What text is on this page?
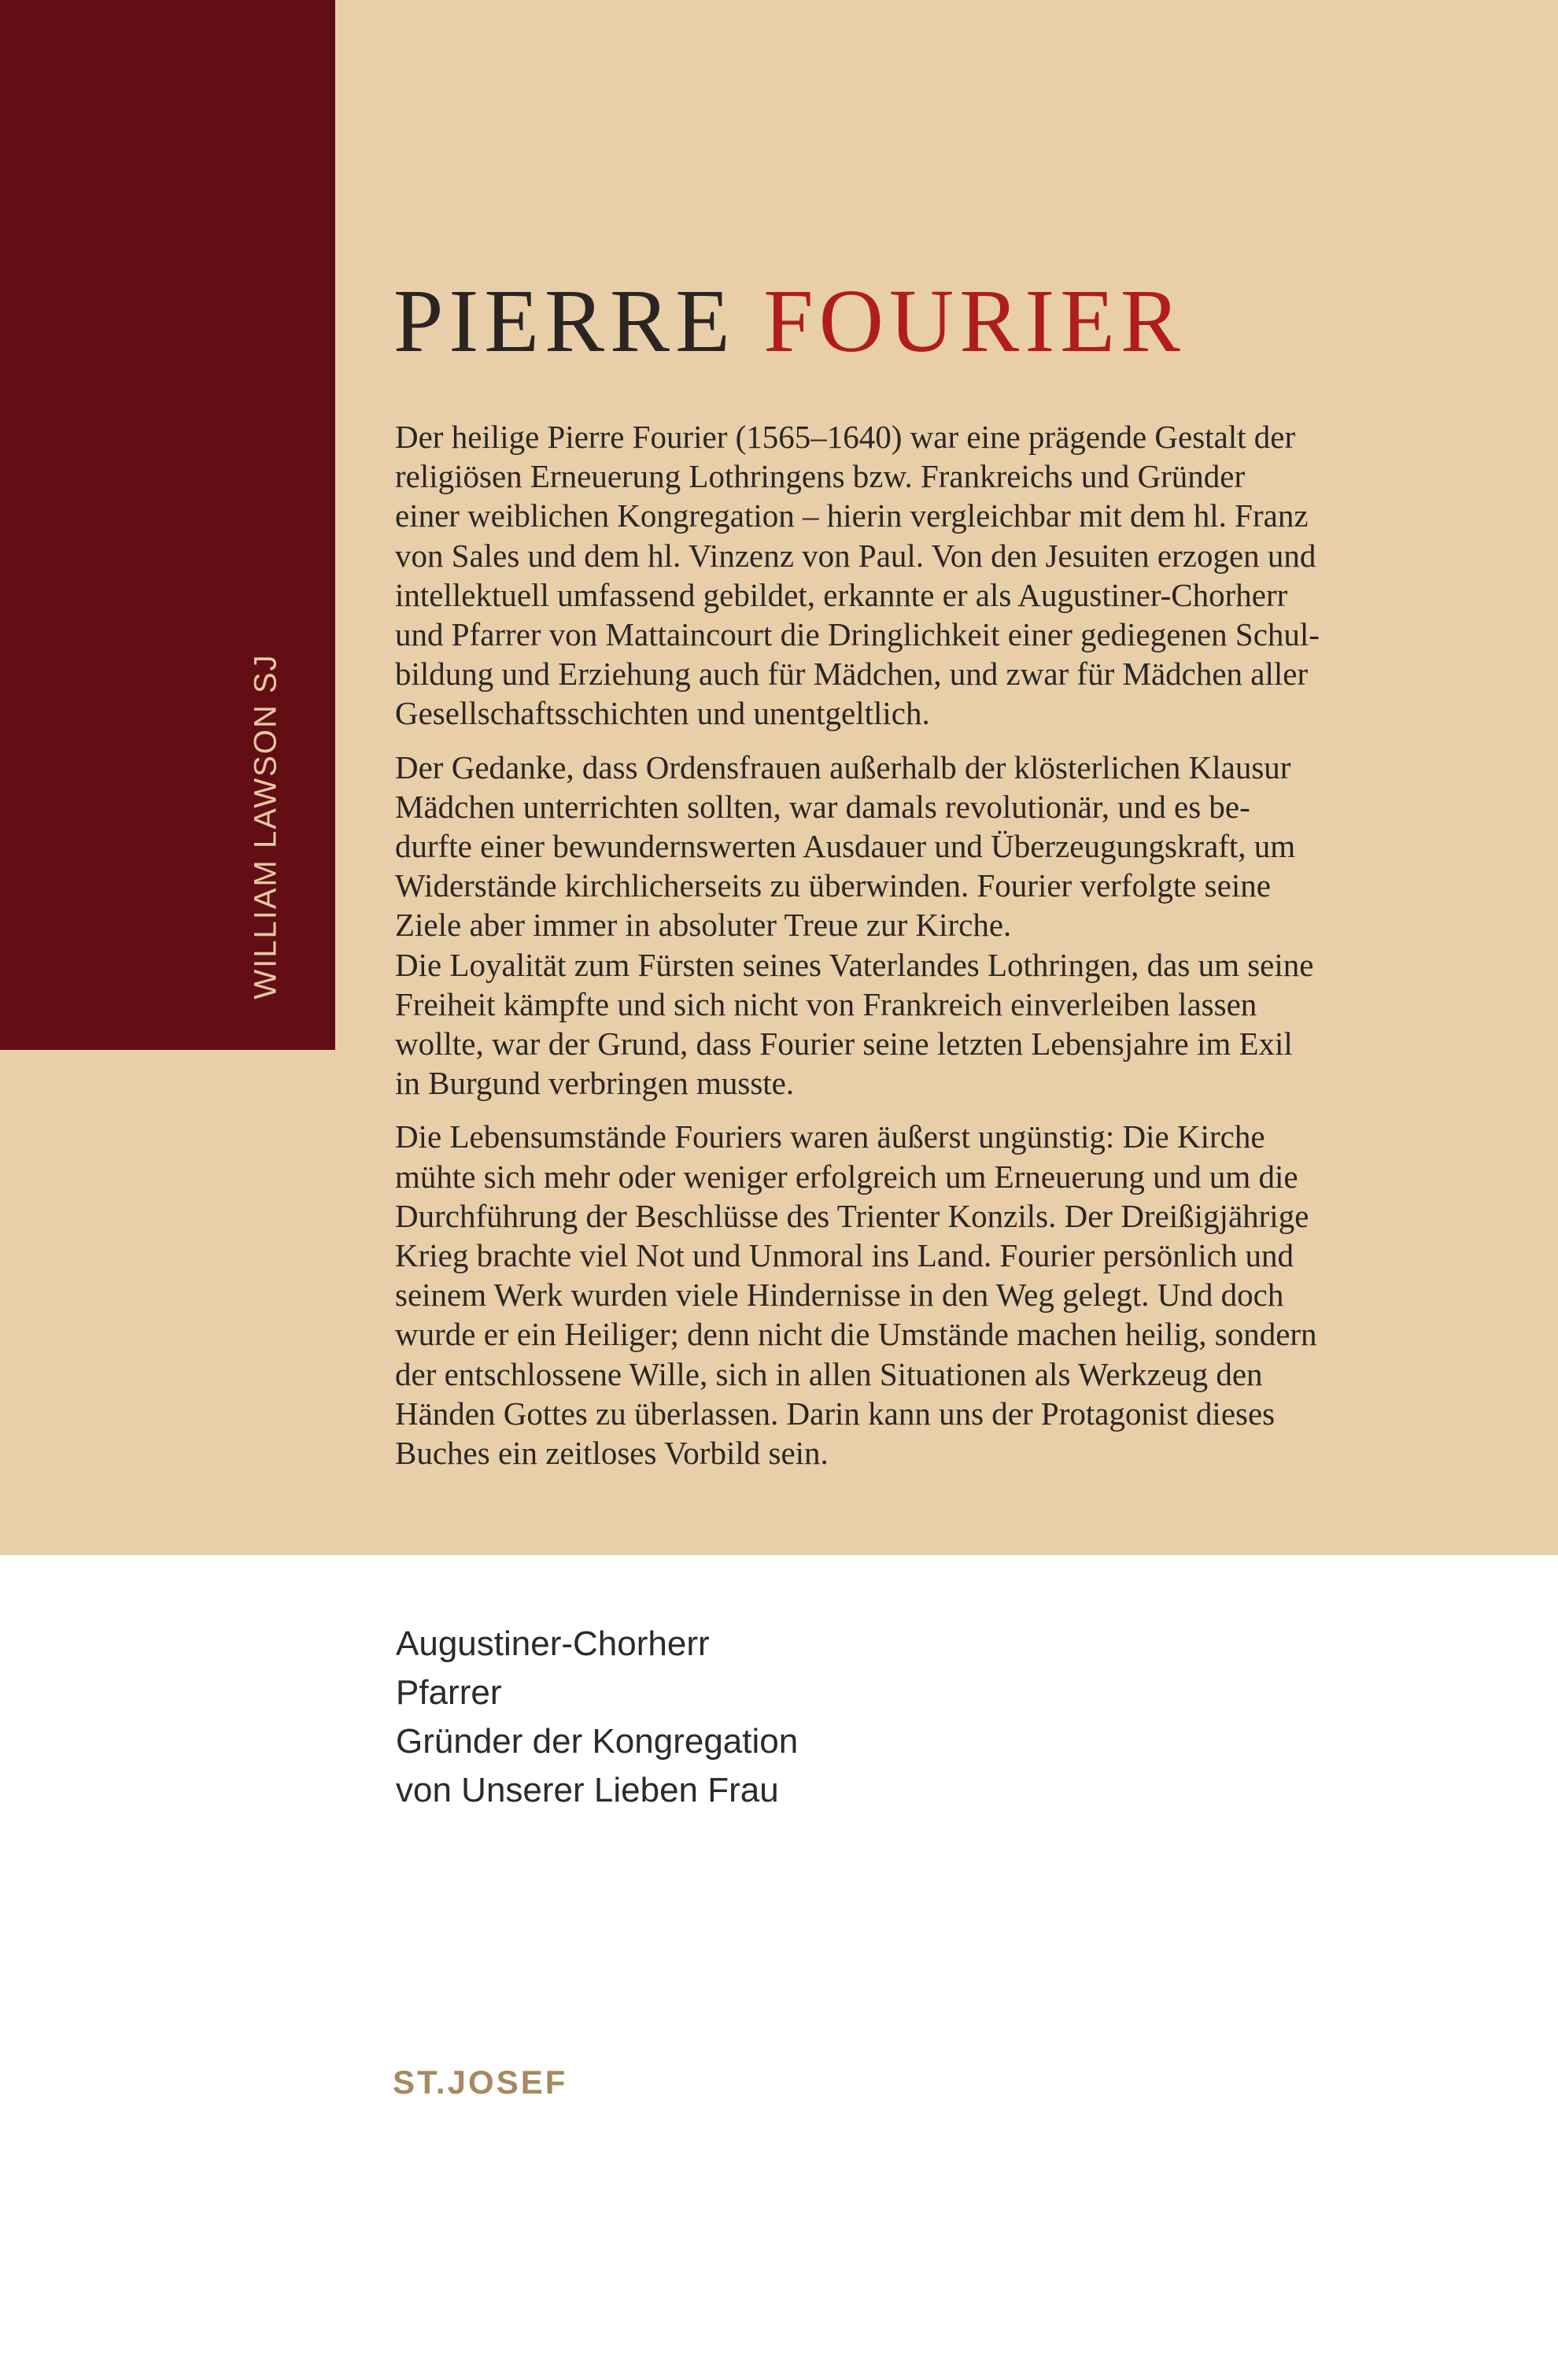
WILLIAM LAWSON SJ
PIERRE FOURIER

Der heilige Pierre Fourier (1565–1640) war eine prägende Gestalt der
religiösen Erneuerung Lothringens bzw. Frankreichs und Gründer
einer weiblichen Kongregation – hierin vergleichbar mit dem hl. Franz
von Sales und dem hl. Vinzenz von Paul. Von den Jesuiten erzogen und
intellektuell umfassend gebildet, erkannte er als Augustiner-Chorherr
und Pfarrer von Mattaincourt die Dringlichkeit einer gediegenen Schul-
bildung und Erziehung auch für Mädchen, und zwar für Mädchen aller
Gesellschaftsschichten und unentgeltlich.

Der Gedanke, dass Ordensfrauen außerhalb der klösterlichen Klausur
Mädchen unterrichten sollten, war damals revolutionär, und es be-
durfte einer bewundernswerten Ausdauer und Überzeugungskraft, um
Widerstände kirchlicherseits zu überwinden. Fourier verfolgte seine
Ziele aber immer in absoluter Treue zur Kirche.

Die Loyalität zum Fürsten seines Vaterlandes Lothringen, das um seine
Freiheit kämpfte und sich nicht von Frankreich einverleiben lassen
wollte, war der Grund, dass Fourier seine letzten Lebensjahre im Exil
in Burgund verbringen musste.

Die Lebensumstände Fouriers waren äußerst ungünstig: Die Kirche
mühte sich mehr oder weniger erfolgreich um Erneuerung und um die
Durchführung der Beschlüsse des Trienter Konzils. Der Dreißigjährige
Krieg brachte viel Not und Unmoral ins Land. Fourier persönlich und
seinem Werk wurden viele Hindernisse in den Weg gelegt. Und doch
wurde er ein Heiliger; denn nicht die Umstände machen heilig, sondern
der entschlossene Wille, sich in allen Situationen als Werkzeug den
Händen Gottes zu überlassen. Darin kann uns der Protagonist dieses
Buches ein zeitloses Vorbild sein.

Augustiner-Chorherr
Pfarrer
Gründer der Kongregation
von Unserer Lieben Frau
ST.JOSEF
